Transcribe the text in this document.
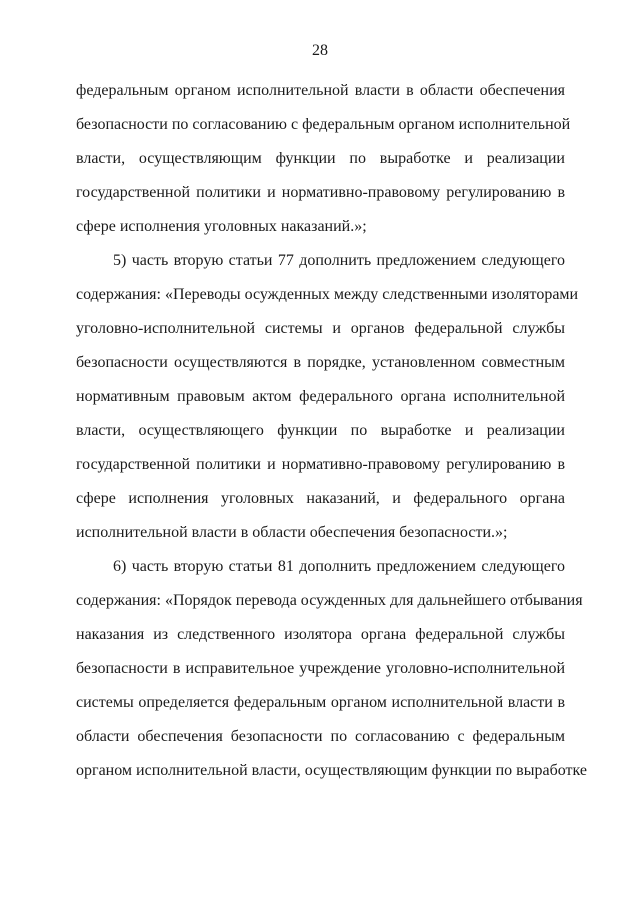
28
федеральным органом исполнительной власти в области обеспечения
безопасности по согласованию с федеральным органом исполнительной
власти, осуществляющим функции по выработке и реализации
государственной политики и нормативно-правовому регулированию в
сфере исполнения уголовных наказаний.»;
5) часть вторую статьи 77 дополнить предложением следующего
содержания: «Переводы осужденных между следственными изоляторами
уголовно-исполнительной системы и органов федеральной службы
безопасности осуществляются в порядке, установленном совместным
нормативным правовым актом федерального органа исполнительной
власти, осуществляющего функции по выработке и реализации
государственной политики и нормативно-правовому регулированию в
сфере исполнения уголовных наказаний, и федерального органа
исполнительной власти в области обеспечения безопасности.»;
6) часть вторую статьи 81 дополнить предложением следующего
содержания: «Порядок перевода осужденных для дальнейшего отбывания
наказания из следственного изолятора органа федеральной службы
безопасности в исправительное учреждение уголовно-исполнительной
системы определяется федеральным органом исполнительной власти в
области обеспечения безопасности по согласованию с федеральным
органом исполнительной власти, осуществляющим функции по выработке
